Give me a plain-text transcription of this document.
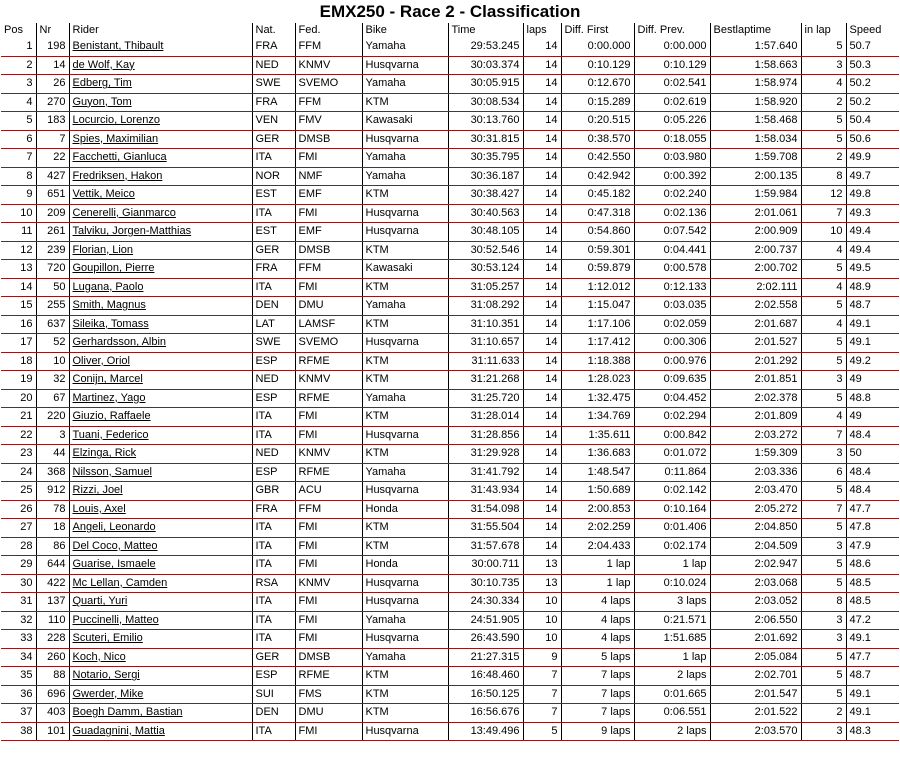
EMX250 - Race 2 - Classification
Pos	Nr	Rider	Nat.	Fed.	Bike	Time	laps	Diff. First	Diff. Prev.	Bestlaptime	in lap	Speed
1	198	Benistant, Thibault	FRA	FFM	Yamaha	29:53.245	14	0:00.000	0:00.000	1:57.640	5	50.7
2	14	de Wolf, Kay	NED	KNMV	Husqvarna	30:03.374	14	0:10.129	0:10.129	1:58.663	3	50.3
3	26	Edberg, Tim	SWE	SVEMO	Yamaha	30:05.915	14	0:12.670	0:02.541	1:58.974	4	50.2
4	270	Guyon, Tom	FRA	FFM	KTM	30:08.534	14	0:15.289	0:02.619	1:58.920	2	50.2
5	183	Locurcio, Lorenzo	VEN	FMV	Kawasaki	30:13.760	14	0:20.515	0:05.226	1:58.468	5	50.4
6	7	Spies, Maximilian	GER	DMSB	Husqvarna	30:31.815	14	0:38.570	0:18.055	1:58.034	5	50.6
7	22	Facchetti, Gianluca	ITA	FMI	Yamaha	30:35.795	14	0:42.550	0:03.980	1:59.708	2	49.9
8	427	Fredriksen, Hakon	NOR	NMF	Yamaha	30:36.187	14	0:42.942	0:00.392	2:00.135	8	49.7
9	651	Vettik, Meico	EST	EMF	KTM	30:38.427	14	0:45.182	0:02.240	1:59.984	12	49.8
10	209	Cenerelli, Gianmarco	ITA	FMI	Husqvarna	30:40.563	14	0:47.318	0:02.136	2:01.061	7	49.3
11	261	Talviku, Jorgen-Matthias	EST	EMF	Husqvarna	30:48.105	14	0:54.860	0:07.542	2:00.909	10	49.4
12	239	Florian, Lion	GER	DMSB	KTM	30:52.546	14	0:59.301	0:04.441	2:00.737	4	49.4
13	720	Goupillon, Pierre	FRA	FFM	Kawasaki	30:53.124	14	0:59.879	0:00.578	2:00.702	5	49.5
14	50	Lugana, Paolo	ITA	FMI	KTM	31:05.257	14	1:12.012	0:12.133	2:02.111	4	48.9
15	255	Smith, Magnus	DEN	DMU	Yamaha	31:08.292	14	1:15.047	0:03.035	2:02.558	5	48.7
16	637	Sileika, Tomass	LAT	LAMSF	KTM	31:10.351	14	1:17.106	0:02.059	2:01.687	4	49.1
17	52	Gerhardsson, Albin	SWE	SVEMO	Husqvarna	31:10.657	14	1:17.412	0:00.306	2:01.527	5	49.1
18	10	Oliver, Oriol	ESP	RFME	KTM	31:11.633	14	1:18.388	0:00.976	2:01.292	5	49.2
19	32	Conijn, Marcel	NED	KNMV	KTM	31:21.268	14	1:28.023	0:09.635	2:01.851	3	49
20	67	Martinez, Yago	ESP	RFME	Yamaha	31:25.720	14	1:32.475	0:04.452	2:02.378	5	48.8
21	220	Giuzio, Raffaele	ITA	FMI	KTM	31:28.014	14	1:34.769	0:02.294	2:01.809	4	49
22	3	Tuani, Federico	ITA	FMI	Husqvarna	31:28.856	14	1:35.611	0:00.842	2:03.272	7	48.4
23	44	Elzinga, Rick	NED	KNMV	KTM	31:29.928	14	1:36.683	0:01.072	1:59.309	3	50
24	368	Nilsson, Samuel	ESP	RFME	Yamaha	31:41.792	14	1:48.547	0:11.864	2:03.336	6	48.4
25	912	Rizzi, Joel	GBR	ACU	Husqvarna	31:43.934	14	1:50.689	0:02.142	2:03.470	5	48.4
26	78	Louis, Axel	FRA	FFM	Honda	31:54.098	14	2:00.853	0:10.164	2:05.272	7	47.7
27	18	Angeli, Leonardo	ITA	FMI	KTM	31:55.504	14	2:02.259	0:01.406	2:04.850	5	47.8
28	86	Del Coco, Matteo	ITA	FMI	KTM	31:57.678	14	2:04.433	0:02.174	2:04.509	3	47.9
29	644	Guarise, Ismaele	ITA	FMI	Honda	30:00.711	13	1 lap	1 lap	2:02.947	5	48.6
30	422	Mc Lellan, Camden	RSA	KNMV	Husqvarna	30:10.735	13	1 lap	0:10.024	2:03.068	5	48.5
31	137	Quarti, Yuri	ITA	FMI	Husqvarna	24:30.334	10	4 laps	3 laps	2:03.052	8	48.5
32	110	Puccinelli, Matteo	ITA	FMI	Yamaha	24:51.905	10	4 laps	0:21.571	2:06.550	3	47.2
33	228	Scuteri, Emilio	ITA	FMI	Husqvarna	26:43.590	10	4 laps	1:51.685	2:01.692	3	49.1
34	260	Koch, Nico	GER	DMSB	Yamaha	21:27.315	9	5 laps	1 lap	2:05.084	5	47.7
35	88	Notario, Sergi	ESP	RFME	KTM	16:48.460	7	7 laps	2 laps	2:02.701	5	48.7
36	696	Gwerder, Mike	SUI	FMS	KTM	16:50.125	7	7 laps	0:01.665	2:01.547	5	49.1
37	403	Boegh Damm, Bastian	DEN	DMU	KTM	16:56.676	7	7 laps	0:06.551	2:01.522	2	49.1
38	101	Guadagnini, Mattia	ITA	FMI	Husqvarna	13:49.496	5	9 laps	2 laps	2:03.570	3	48.3
